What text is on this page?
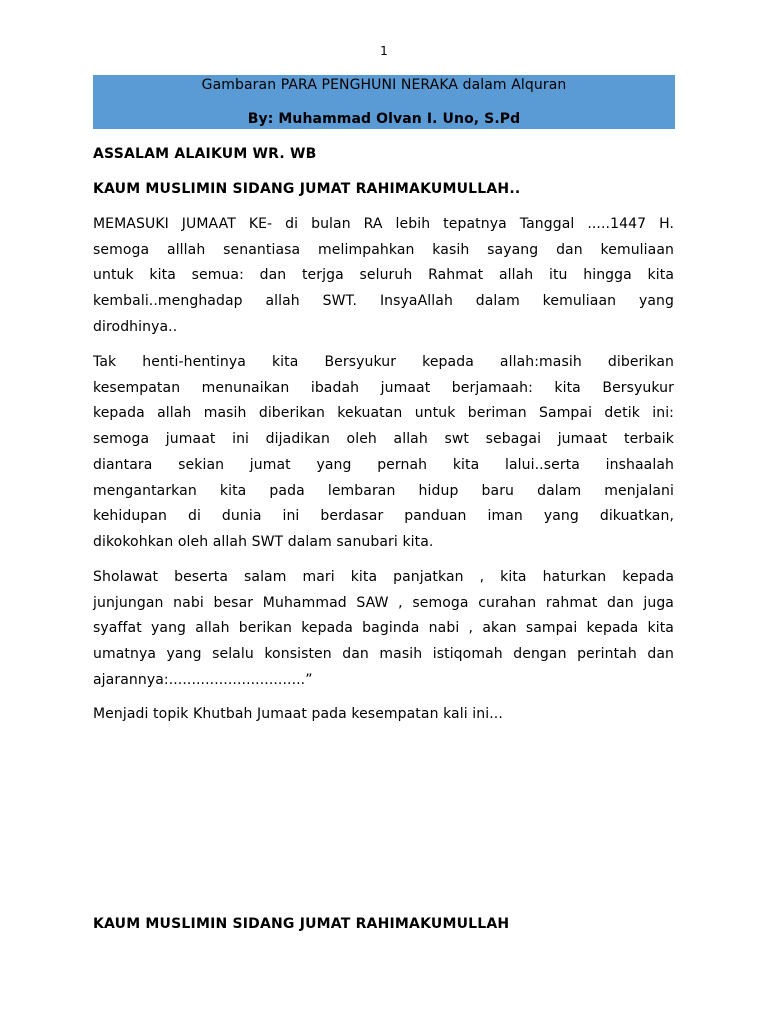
1
Gambaran PARA PENGHUNI NERAKA dalam Alquran
By: Muhammad Olvan I. Uno, S.Pd
ASSALAM ALAIKUM WR. WB
KAUM MUSLIMIN SIDANG JUMAT RAHIMAKUMULLAH..
MEMASUKI JUMAAT KE- di bulan RA lebih tepatnya Tanggal .....1447 H.
semoga alllah senantiasa melimpahkan kasih sayang dan kemuliaan
untuk kita semua: dan terjga seluruh Rahmat allah itu hingga kita
kembali..menghadap allah SWT. InsyaAllah dalam kemuliaan yang
dirodhinya..
Tak henti-hentinya kita Bersyukur kepada allah:masih diberikan
kesempatan menunaikan ibadah jumaat berjamaah: kita Bersyukur
kepada allah masih diberikan kekuatan untuk beriman Sampai detik ini:
semoga jumaat ini dijadikan oleh allah swt sebagai jumaat terbaik
diantara sekian jumat yang pernah kita lalui..serta inshaalah
mengantarkan kita pada lembaran hidup baru dalam menjalani
kehidupan di dunia ini berdasar panduan iman yang dikuatkan,
dikokohkan oleh allah SWT dalam sanubari kita.
Sholawat beserta salam mari kita panjatkan , kita haturkan kepada
junjungan nabi besar Muhammad SAW , semoga curahan rahmat dan juga
syaffat yang allah berikan kepada baginda nabi , akan sampai kepada kita
umatnya yang selalu konsisten dan masih istiqomah dengan perintah dan
ajarannya:..............................”
Menjadi topik Khutbah Jumaat pada kesempatan kali ini...
KAUM MUSLIMIN SIDANG JUMAT RAHIMAKUMULLAH
